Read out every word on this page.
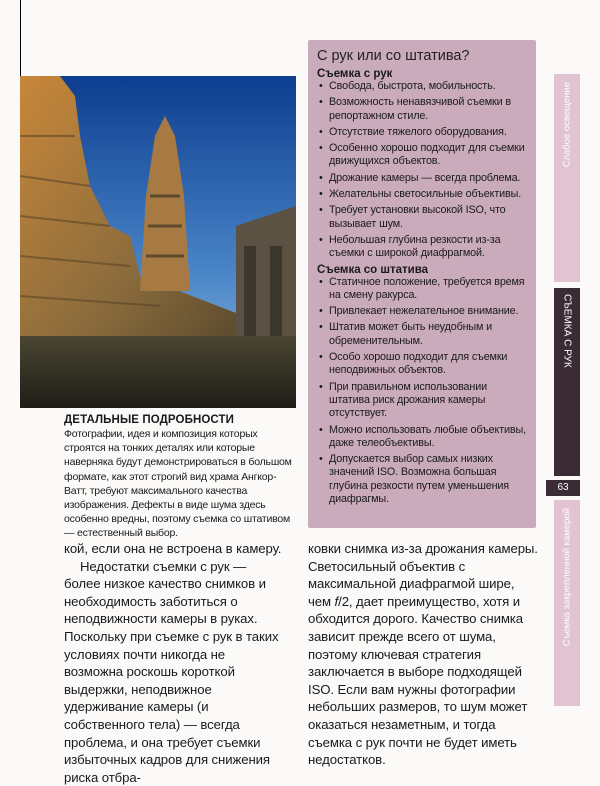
ДЕТАЛЬНЫЕ ПОДРОБНОСТИ

Фотографии, идея и композиция которых строятся на тонких деталях или которые наверняка будут демонстрироваться в большом формате, как этот строгий вид храма Ангкор-Ватт, требуют максимального качества изображения. Дефекты в виде шума здесь особенно вредны, поэтому съемка со штативом — естественный выбор.

С рук или со штатива?
Съемка с рук
• Свобода, быстрота, мобильность.
• Возможность ненавязчивой съемки в репортажном стиле.
• Отсутствие тяжелого оборудования.
• Особенно хорошо подходит для съемки движущихся объектов.
• Дрожание камеры — всегда проблема.
• Желательны светосильные объективы.
• Требует установки высокой ISO, что вызывает шум.
• Небольшая глубина резкости из-за съемки с широкой диафрагмой.
Съемка со штатива
• Статичное положение, требуется время на смену ракурса.
• Привлекает нежелательное внимание.
• Штатив может быть неудобным и обременительным.
• Особо хорошо подходит для съемки неподвижных объектов.
• При правильном использовании штатива риск дрожания камеры отсутствует.
• Можно использовать любые объективы, даже телеобъективы.
• Допускается выбор самых низких значений ISO. Возможна большая глубина резкости путем уменьшения диафрагмы.
Слабое освещение
СЪЕМКА С РУК
63
Съемка закрепленной камерой

кой, если она не встроена в камеру.

Недостатки съемки с рук — более низкое качество снимков и необходимость заботиться о неподвижности камеры в руках. Поскольку при съемке с рук в таких условиях почти никогда не возможна роскошь короткой выдержки, неподвижное удерживание камеры (и собственного тела) — всегда проблема, и она требует съемки избыточных кадров для снижения риска отбра-

ковки снимка из-за дрожания камеры. Светосильный объектив с максимальной диафрагмой шире, чем f/2, дает преимущество, хотя и обходится дорого. Качество снимка зависит прежде всего от шума, поэтому ключевая стратегия заключается в выборе подходящей ISO. Если вам нужны фотографии небольших размеров, то шум может оказаться незаметным, и тогда съемка с рук почти не будет иметь недостатков.
